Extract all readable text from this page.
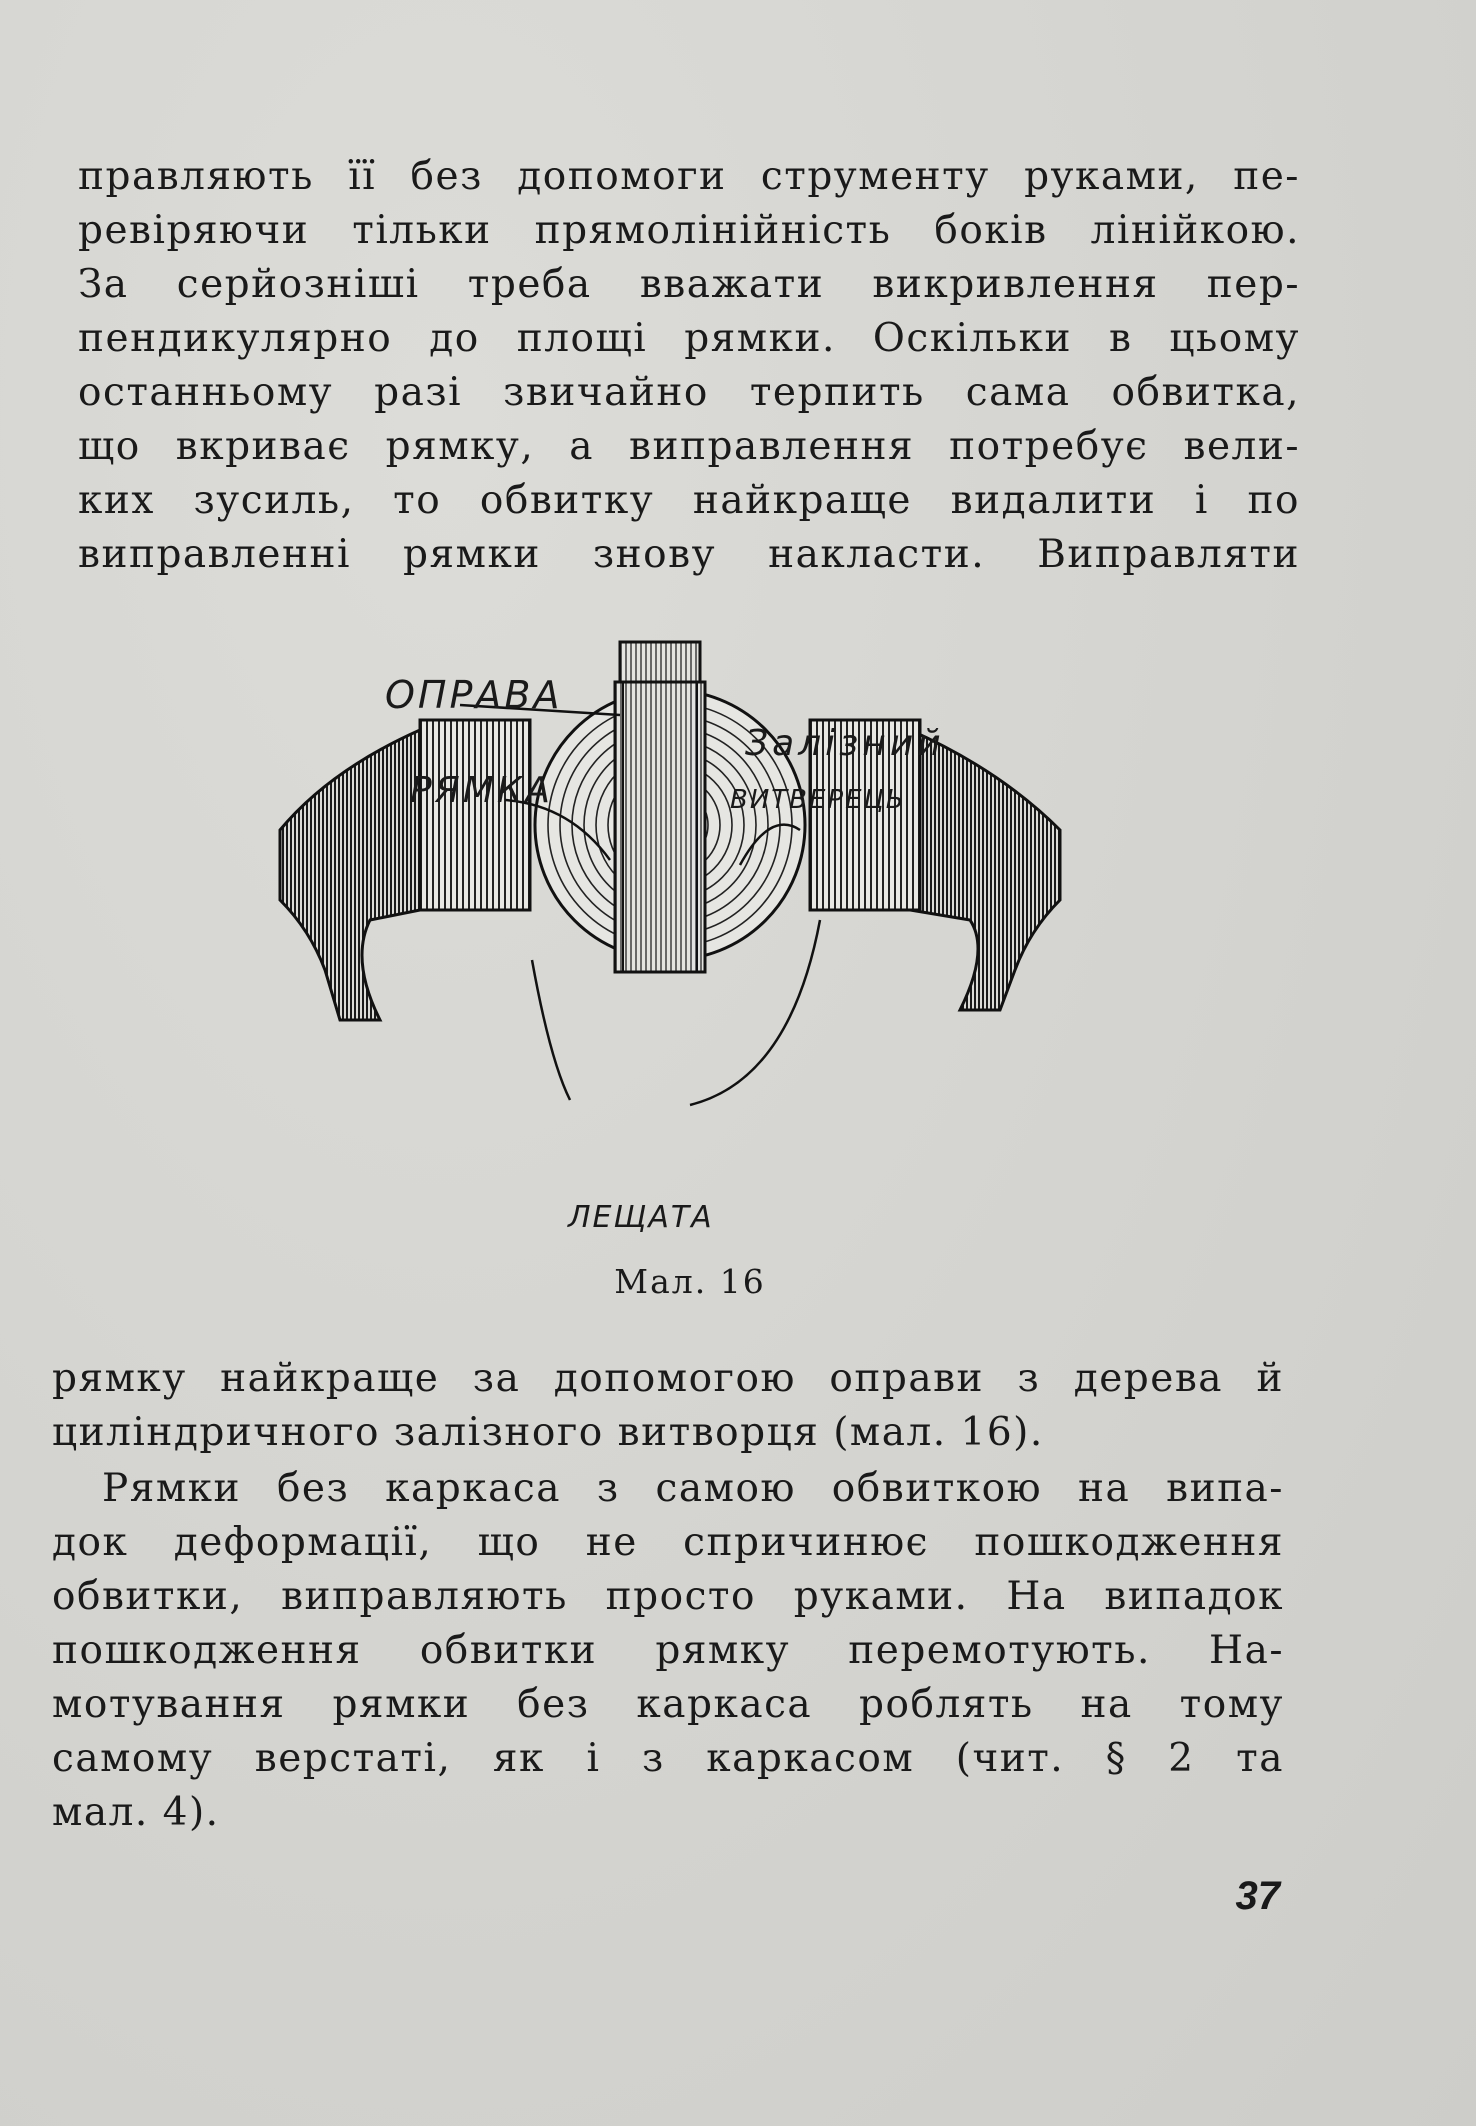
правляють її без допомоги струменту руками, пе-
ревіряючи тільки прямолінійність боків лінійкою.
За серйозніші треба вважати викривлення пер-
пендикулярно до площі рямки. Оскільки в цьому
останньому разі звичайно терпить сама обвитка,
що вкриває рямку, а виправлення потребує вели-
ких зусиль, то обвитку найкраще видалити і по
виправленні рямки знову накласти. Виправляти
ОПРАВА
Залізний
ВИТВЕРЕЦЬ
РЯМКА
ЛЕЩАТА
Мал. 16
рямку найкраще за допомогою оправи з дерева й
циліндричного залізного витворця (мал. 16).
Рямки без каркаса з самою обвиткою на випа-
док деформації, що не спричинює пошкодження
обвитки, виправляють просто руками. На випадок
пошкодження обвитки рямку перемотують. На-
мотування рямки без каркаса роблять на тому
самому верстаті, як і з каркасом (чит. § 2 та
мал. 4).
37
